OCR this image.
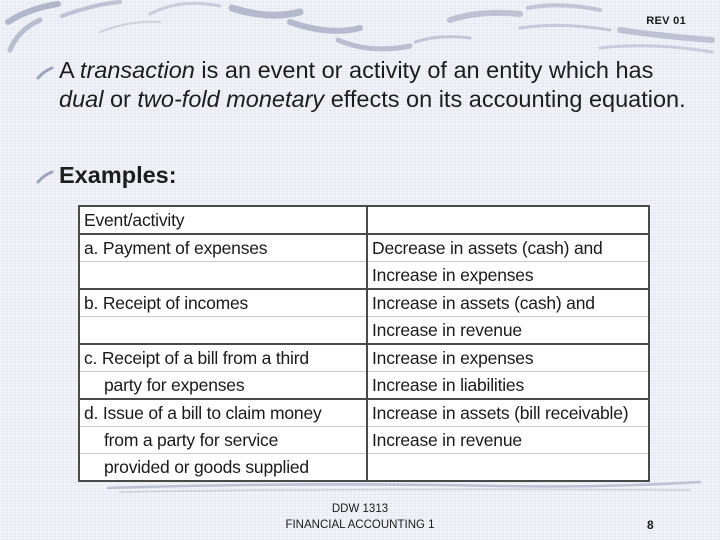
REV 01
A transaction is an event or activity of an entity which has dual or two-fold monetary effects on its accounting equation.
Examples:
Event/activity	
a. Payment of expenses	Decrease in assets (cash) and
	Increase in expenses
b. Receipt of incomes	Increase in assets (cash) and
	Increase in revenue
c. Receipt of a bill from a third	Increase in expenses
party for expenses	Increase in liabilities
d. Issue of a bill to claim money	Increase in assets (bill receivable)
from a party for service	Increase in revenue
provided or goods supplied	
DDW 1313
FINANCIAL ACCOUNTING 1	8
